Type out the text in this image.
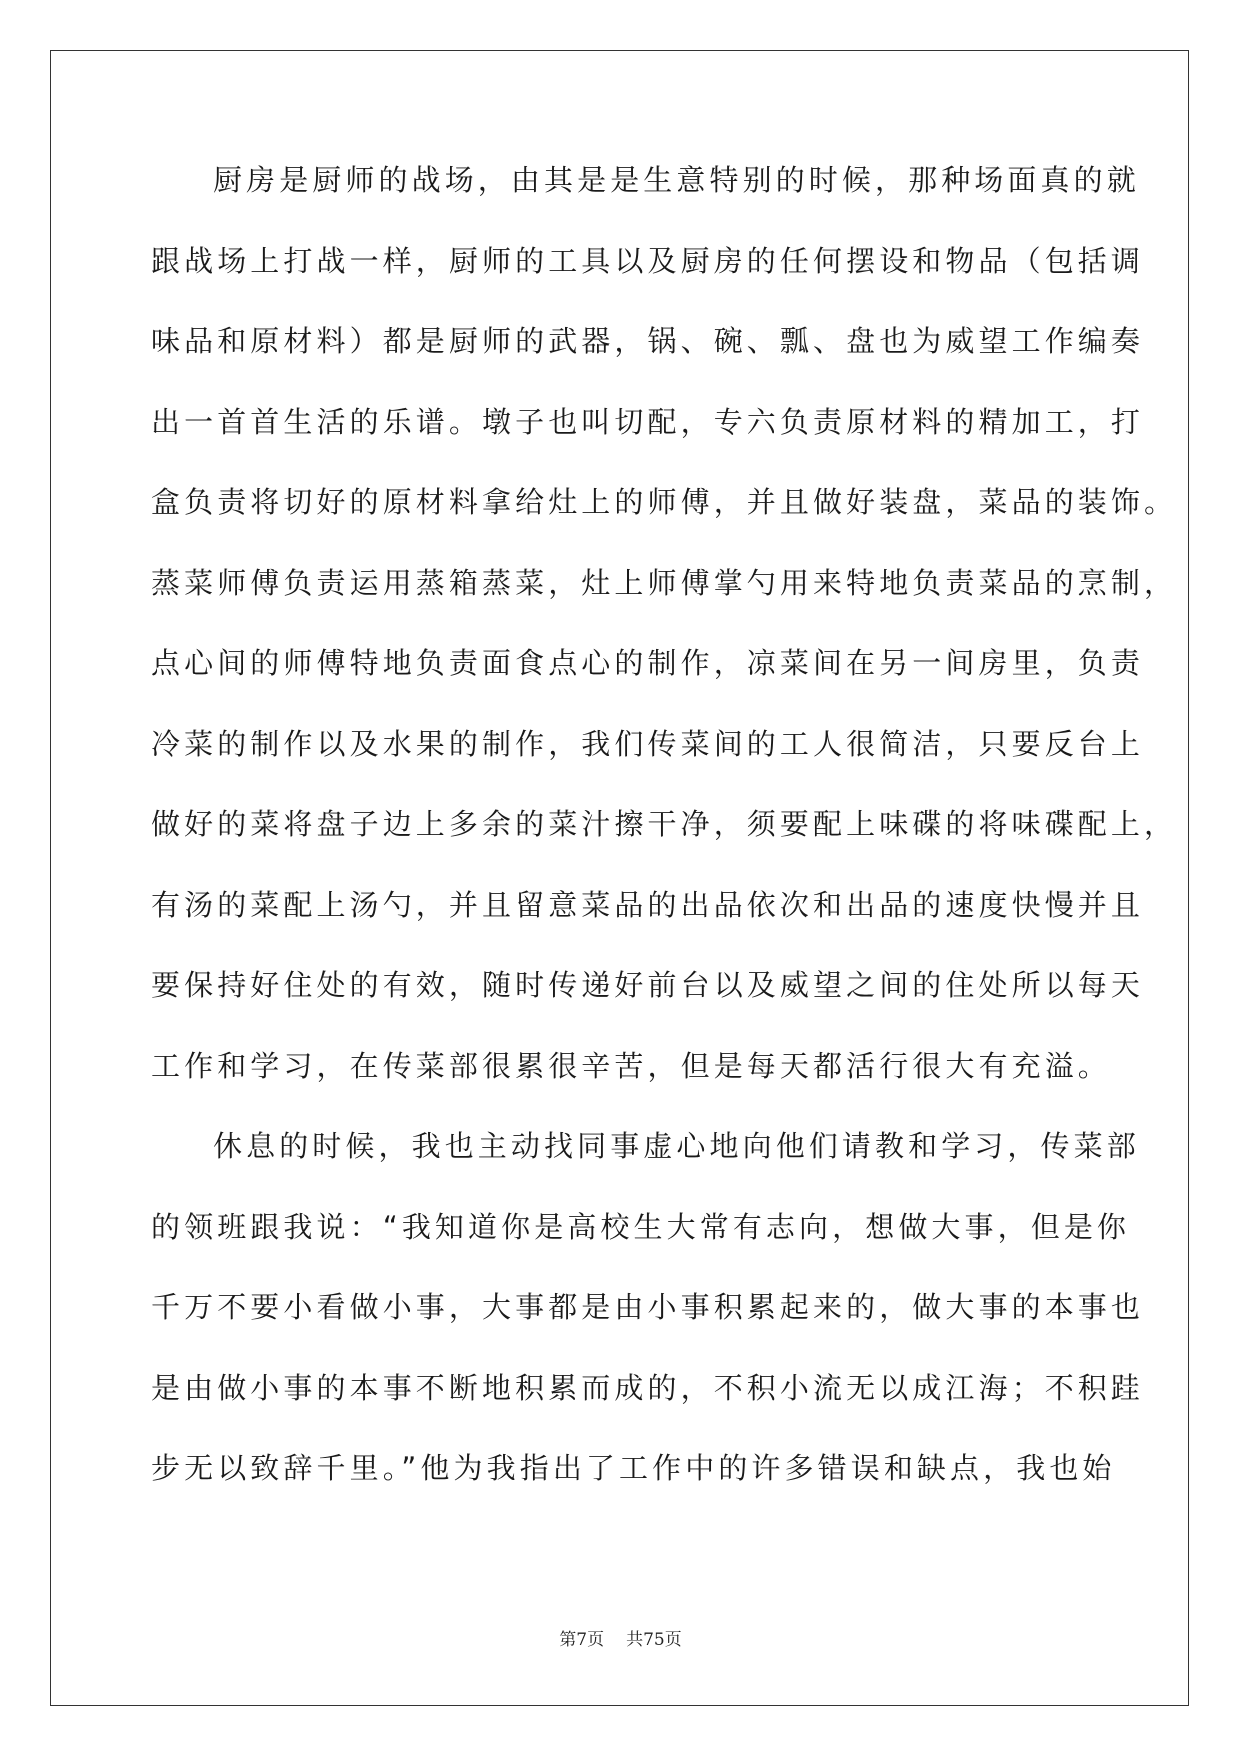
厨房是厨师的战场，由其是是生意特别的时候，那种场面真的就
跟战场上打战一样，厨师的工具以及厨房的任何摆设和物品（包括调
味品和原材料）都是厨师的武器，锅、碗、瓢、盘也为威望工作编奏
出一首首生活的乐谱。墩子也叫切配，专六负责原材料的精加工，打
盒负责将切好的原材料拿给灶上的师傅，并且做好装盘，菜品的装饰。
蒸菜师傅负责运用蒸箱蒸菜，灶上师傅掌勺用来特地负责菜品的烹制，
点心间的师傅特地负责面食点心的制作，凉菜间在另一间房里，负责
冷菜的制作以及水果的制作，我们传菜间的工人很简洁，只要反台上
做好的菜将盘子边上多余的菜汁擦干净，须要配上味碟的将味碟配上，
有汤的菜配上汤勺，并且留意菜品的出品依次和出品的速度快慢并且
要保持好住处的有效，随时传递好前台以及威望之间的住处所以每天
工作和学习，在传菜部很累很辛苦，但是每天都活行很大有充溢。
休息的时候，我也主动找同事虚心地向他们请教和学习，传菜部
的领班跟我说：“我知道你是高校生大常有志向，想做大事，但是你
千万不要小看做小事，大事都是由小事积累起来的，做大事的本事也
是由做小事的本事不断地积累而成的，不积小流无以成江海；不积跬
步无以致辞千里。”他为我指出了工作中的许多错误和缺点，我也始
第7页 共75页
